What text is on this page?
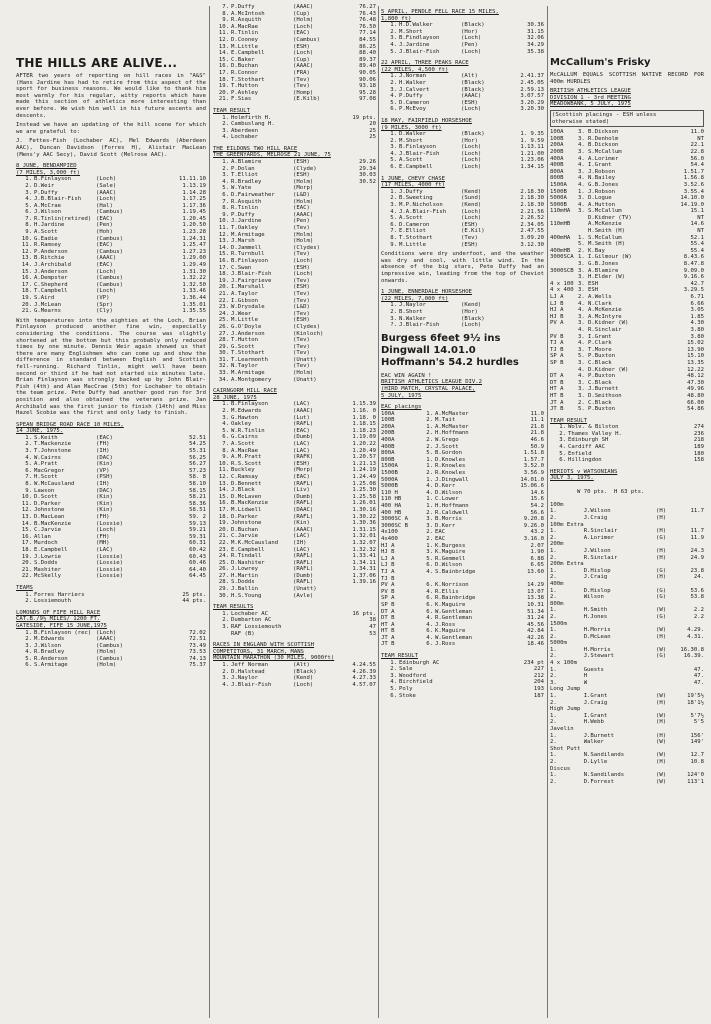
THE HILLS ARE ALIVE...
AFTER two years of reporting on hill races in "A&S" (Hans Jardine has had to retire from this aspect of the sport for business reasons. We would like to thank him most warmly for his regular, witty reports which have made this section of athletics more interesting than ever before. We wish him well in his future ascents and descents.
Instead we have an updating of the hill scene for which we are grateful to:
J. Fettes-Fish (Lochaber AC), Mel Edwards (Aberdeen AAC), Duncan Davidson (Forres H), Alistair MacLean (Mens'y AAC Secy), David Scott (Melrose AAC).
8 JUNE, BENDAMPIED
(7 MILES, 3,000 ft)
1.	B.Finlayson	(Loch)	11.11.10
2.	D.Weir	(Sale)	1.13.19
3.	P.Duffy	(AAAC)	1.14.28
4.	J.B.Blair-Fish	(Loch)	1.17.25
5.	A.McCrae	(Hal)	1.17.36
6.	J.Wilson	(Cambus)	1.19.45
7.	R.Tinlin(retired)	(EAC)	1.20.45
8.	H.Jardine	(Pen)	1.20.50
9.	A.Scott	(Hoh)	1.23.28
10.	G.Eadie	(Cambus)	1.24.31
11.	R.Ramsey	(EAC)	1.25.47
12.	P.Anderson	(Cambus)	1.27.23
13.	B.Ritchie	(AAAC)	1.29.00
14.	J.Archibald	(EAC)	1.29.49
15.	J.Anderson	(Loch)	1.31.30
16.	A.Dempster	(Cambus)	1.32.22
17.	C.Shepherd	(Cambus)	1.32.50
18.	T.Campbell	(Loch)	1.33.46
19.	S.Aird	(VP)	1.36.44
20.	J.McLean	(Spr)	1.35.01
21.	G.Mearns	(Cly)	1.35.55
With temperatures into the eighties at the Loch, Brian Finlayson produced another fine win, especially considering the conditions. The course was slightly shortened at the bottom but this probably only reduced times by one minute. Dennis Weir again showed us that there are many Englishmen who can come up and show the difference in standard between English and Scottish fell-running. Richard Tinlin, might well have been second or third if he had not started six minutes late. Brian Finlayson was strongly backed up by John Blair-Fish (4th) and Alan MacCrae (5th) for Lochaber to obtain the team prize. Pete Duffy had another good run for 3rd position and also obtained the veterans prize. Jan Archibald was the first junior to finish (14th) and Miss Hazel Scobie was the first and only lady to finish.
SPEAN BRIDGE ROAD RACE 10 MILES,
14 JUNE, 1975.
1.	S.Keith	(EAC)	52.51
2.	T.Mackenzie	(FH)	54.25
3.	T.Johnstone	(IH)	55.31
4.	W.Cairns	(DAC)	56.25
5.	A.Pratt	(Kin)	56.27
6.	MacGregor	(VP)	57.23
7.	H.Scott	(PSH)	58. 8
8.	W.McCausland	(IH)	58.10
9.	Lawson	(DAC)	58.15
10.	D.Scott	(Kin)	58.21
11.	D.Parker	(Kin)	58.36
12.	Johnstone	(Kin)	58.51
13.	D.MacLean	(FH)	59. 2
14.	B.MacKenzie	(Lossie)	59.13
15.	C.Jarvie	(Loch)	59.21
16.	Allan	(FH)	59.31
17.	Murdoch	(MH)	60.31
18.	E.Campbell	(LAC)	60.42
19.	J.Lowrie	(Lossie)	60.43
20.	S.Dodds	(Lossie)	60.46
21.	Mashiter	(Lossie)	64.40
22.	McSkelly	(Lossie)	64.45
TEAMS
1.	Forres Harriers	25 pts.
2.	Lossiemouth	44 pts.
LOMONDS OF FIFE HILL RACE
CAT.B./9½ MILES/ 1200 FT.
GATESIDE, FIFE 15 JUNE,1975
1.	B.Finlayson (rec)	(Loch)	72.02
2.	M.Edwards	(AAAC)	72.51
3.	J.Wilson	(Cambus)	73.49
4.	R.Bradley	(Holm)	73.53
5.	R.Anderson	(Cambus)	74.13
6.	S.Armitage	(Holm)	75.37
7.	P.Duffy	(AAAC)	76.27
8.	A.McIntosh	(Cup)	76.43
9.	R.Asquith	(Holm)	76.48
10.	A.MacRae	(Loch)	76.50
11.	R.Tinlin	(EAC)	77.14
12.	D.Cooney	(Cambus)	84.55
13.	M.Little	(ESH)	86.25
14.	E.Campbell	(Loch)	88.40
15.	C.Baker	(Cup)	89.37
16.	D.Buchan	(AAAC)	89.40
17.	R.Connor	(FRA)	90.05
18.	T.Stothart	(Tev)	90.06
19.	T.Hutton	(Tev)	93.18
20.	P.Ashley	(Homp)	95.28
21.	F.Sias	(E.Kilb)	97.08
TEAM RESULT
1.	Holmfirth H.	19 pts.
2.	Cambuslang H.	20
3.	Aberdeen	25
4.	Lochaber	25
THE EILDONS TWO HILL RACE
THE GREENYARDS, MELROSE 21 JUNE, 75
1.	A.Blamire	(ESH)	29.26
2.	P.Dolan	(Clyde)	29.34
3.	T.Elliot	(ESH)	30.03
4.	R.Bradley	(Holm)	30.52
5.	W.Yate	(Morp)	
6.	D.Fairweather	(L&D)	
7.	R.Asquith	(Holm)	
8.	R.Tinlin	(EAC)	
9.	P.Duffy	(AAAC)	
10.	J.Jardine	(Pen)	
11.	T.Oakley	(Tev)	
12.	M.Armitage	(Holm)	
13.	J.Marsh	(Holm)	
14.	D.Jammell	(Clydes)	
15.	R.Turnbull	(Tev)	
16.	B.Finlayson	(Loch)	
17.	C.Swan	(ESH)	
18.	J.Blair-Fish	(Loch)	
19.	J.Fairgrieve	(Tev)	
20.	I.Marshall	(ESH)	
21.	A.Taylor	(Tev)	
22.	I.Gibson	(Tev)	
23.	W.Drysdale	(L&D)	
24.	J.Wear	(Tev)	
25.	M.Little	(ESH)	
26.	G.O'Doyle	(Clydes)	
27.	J.Anderson	(Kinloch)	
28.	T.Hutton	(Tev)	
29.	G.Scott	(Tev)	
30.	T.Stothart	(Tev)	
31.	T.Learmonth	(Unatt)	
32.	N.Taylor	(Tev)	
33.	M.Armitage	(Holm)	
34.	A.Montgomery	(Unatt)	
CAIRNGORM HILL RACE
28 JUNE, 1975
1.	B.Finlayson	(LAC)	1.15.39
2.	M.Edwards	(AAAC)	1.16. 0
3.	G.Hawton	(Lut)	1.18. 0
4.	Oakley	(RAFL)	1.18.15
5.	W.R.Tinlin	(EAC)	1.18.23
6.	G.Cairns	(Dumb)	1.19.09
7.	A.Scott	(LAC)	1.20.22
8.	A.MacRae	(LAC)	1.20.49
9.	A.M.Pratt	(RAFK)	1.20.57
10.	R.S.Scott	(ESH)	1.21.13
11.	Buckley	(Morp)	1.24.19
12.	C.Ramsay	(EAC)	1.24.49
13.	D.Bennett	(RAFL)	1.25.08
14.	J.Black	(Liv)	1.25.30
15.	D.McLaven	(Dumb)	1.25.58
16.	B.MacKenzie	(RAFL)	1.26.01
17.	M.Lidwell	(DAAC)	1.30.16
18.	D.Parker	(RAFL)	1.30.22
19.	Johnstone	(Kin)	1.30.36
20.	D.Buchan	(AAAC)	1.31.15
21.	C.Jarvie	(LAC)	1.32.01
22.	M.K.McCausland	(IH)	1.32.07
23.	E.Campbell	(LAC)	1.32.32
24.	R.Tindall	(RAFL)	1.33.41
25.	D.Nashiter	(RAFL)	1.34.11
26.	J.Lowrey	(RAFL)	1.34.31
27.	H.Martin	(Dumb)	1.37.06
28.	S.Dodds	(RAFL)	1.39.16
29.	J.Ballin	(Unatt)	
30.	H.S.Young	(Avle)	
TEAM RESULTS
1.	Lochaber AC	16 pts.
2.	Dumbarton AC	38
3.	RAF Lossiemouth	47
	RAF (B)	53
RACES IN ENGLAND WITH SCOTTISH
COMPETITORS, 31 MARCH, MANS
MOUNTAIN MARATHON (30 MILES, 9000ft)
1.	Jeff Norman	(Alt)	4.24.55
2.	D.Halstead	(Black)	4.26.39
3.	J.Naylor	(Kend)	4.27.33
4.	J.Blair-Fish	(Loch)	4.57.07
5 APRIL, PENDLE FELL RACE 15 MILES,
1,800 ft)
1.	H.D.Walker	(Black)	30.36
2.	M.Short	(Hor)	31.15
3.	B.Findlayson	(Loch)	32.06
4.	J.Jardine	(Pen)	34.29
5.	J.Blair-Fish	(Loch)	35.38
22 APRIL, THREE PEAKS RACE
(22 MILES, 4,500 ft)
1.	J.Norman	(Alt)	2.41.37
2.	H.Walker	(Black)	2.45.05
3.	J.Calvert	(Black)	2.59.13
4.	P.Duffy	(AAAC)	3.07.57
5.	D.Cameron	(ESH)	3.20.29
6.	P.McEvoy	(Loch)	3.20.30
18 MAY, FAIRFIELD HORSESHOE
(9 MILES, 3000 ft)
1.	D.Walker	(Black)	1. 9.35
2.	M.Short	(Hor)	1. 9.59
3.	B.Finlayson	(Loch)	1.13.11
4.	J.Blair-Fish	(Loch)	1.21.00
5.	A.Scott	(Loch)	1.23.06
6.	E.Campbell	(Loch)	1.34.15
1 JUNE, CHEVY CHASE
(17 MILES, 4000 ft)
1.	J.Duffy	(Kend)	2.18.30
2.	B.Sweeting	(Sund)	2.18.30
3.	M.P.Nicholson	(Kend)	2.18.30
4.	J.A.Blair-Fish	(Loch)	2.21.56
5.	A.Scott	(Loch)	2.26.52
6.	D.Cameron	(ESH)	2.34.05
7.	E.Elliot	(E.Kil)	2.47.55
8.	T.Stothart	(Tev)	3.09.20
9.	M.Little	(ESH)	3.12.30
Conditions were dry underfoot, and the weather was dry and cool, with little wind. In the absence of the big stars, Pete Duffy had an impressive win, leading from the top of Cheviot onwards.
1 JUNE, ENNERDALE HORSESHOE
(22 MILES, 7,000 ft)
1.	J.Naylor	(Kend)	
2.	B.Short	(Hor)	
3.	N.Walker	(Black)	
?.	J.Blair-Fish	(Loch)	
Burgess 6feet 9½ ins
Dingwall 14.01.0
Hoffmann's 54.2 hurdles
EAC WIN AGAIN !
BRITISH ATHLETICS LEAGUE DIV.2
(HIRD MATCH, CRYSTAL PALACE,
5 JULY, 1975
EAC placings
100A	1.	A.McMaster	11.0
100B	2.	M.Tait	11.1
200A	1.	A.McMaster	21.8
200B	2.	H.Hoffmann	21.8
400A	2.	W.Grego	46.6
400B	2.	J.Scott	50.9
800A	5.	B.Gordon	1.51.8
800B	1.	D.Knowles	1.57.7
1500A	1.	R.Knowles	3.52.0
1500B	2.	R.Knowles	3.56.9
5000A	1.	J.Dingwall	14.01.0
5000B	4.	D.Kerr	15.06.6
110 H	4.	D.Wilson	14.6
110 HB	1.	C.Lower	15.6
400 HA	1.	H.Hoffmann	54.2
400 HB	2.	R.Caldwell	56.6
3000SC A	3.	B.Morris	9.20.8
3000SC B	3.	D.Kerr	9.26.0
4x100	2.	EAC	43.2
4x400	2.	EAC	3.16.0
HJ A	1.	K.Burgess	2.07
HJ B	3.	K.Maguire	1.90
LJ A	5.	R.Gemmell	6.88
LJ B	6.	D.Wilson	6.65
TJ A	4.	S.Bainbridge	13.60
TJ B			
PV A	6.	K.Norrison	14.29
PV B	4.	R.Ellis	13.07
SP A	6.	R.Bainbridge	13.38
SP B	6.	K.Maguire	10.31
DT A	6.	W.Gentleman	51.34
DT B	4.	R.Gentleman	31.24
HT A	4.	J.Ross	45.56
HT B	6.	K.Maguire	42.84
JT A	4.	W.Gentleman	42.26
JT B	6.	J.Ross	18.46
TEAM RESULT
1.	Edinburgh AC	234 pt
2.	Sale	227
3.	Woodford	212
4.	Birchfield	204
5.	Poly	193
6.	Stoke	187
McCallum's Frisky
McCALLUM EQUALS SCOTTISH NATIVE RECORD FOR 400m HURDLES
BRITISH ATHLETICS LEAGUE
DIVISION 1 - 3rd MEETING
MEADOWBANK, 5 JULY, 1975
(Scottish placings - ESH unless
otherwise stated)
100A	3.	B.Dickson		11.0
100B	3.	R.Denholm		NT
200A	4.	B.Dickson		22.1
200B	3.	S.McCallum		22.8
400A	4.	A.Lorimer		56.0
400B	4.	I.Grant		54.4
800A	3.	J.Robson		1.51.7
800B	4.	N.Bailey		1.56.8
1500A	4.	G.B.Jones		3.52.6
1500B	1.	J.Robson		3.55.4
5000A	3.	D.Logue		14.10.0
5000B	4.	A.Hutton		14.19.0
110mHA	3.	S.McCallum		15.1
		D.Kidner (TV)		NT
110mHB		A.McKenzie		14.6
		H.Smith (H)		NT
400mHA	1.	S.McCallum		52.1
	5.	M.Smith (H)		55.4
400mHB	2.	K.Bay		55.4
3000SCA	1.	I.Gilmour (W)		8.43.6
	3.	G.B.Jones		8.47.8
3000SCB	3.	A.Blamire		9.09.0
	3.	H.Elder (W)		9.16.6
4 x 100	3.	ESH		42.7
4 x 400	3.	ESH		3.29.5
LJ A	2.	A.Wells		6.71
LJ B	4.	N.Clark		6.66
HJ A	4.	A.McKenzie		3.05
HJ B	3.	A.McIntyre		1.85
PV A	3.	D.Kidner (W)		4.30
	4.	R.Sinclair		3.80
PV B	3.	I.Grant		3.80
TJ A	4.	P.Clark		15.02
TJ B	3.	T.Moore		13.90
SP A	5.	P.Buxton		15.10
SP B	3.	C.Black		13.35
	4.	D.Kidner (W)		12.22
DT A	4.	P.Buxton		48.12
DT B	3.	C.Black		47.30
HT A	3.	J.Burnett		49.96
HT B	3.	D.Smithson		48.80
JT A	2.	C.Black		66.00
JT B	5.	P.Buxton		54.86
TEAM RESULT
1.	Wolv. & Bilston	274
2.	Thames Valley H.	236
3.	Edinburgh SH	218
4.	Cardiff AAC	189
5.	Enfield	180
6.	Hillingdon	158
HERIOTS v WATSONIANS
JULY 3, 1975.

W 70 pts. H 63 pts.

100m			
1.	J.Wilson	(H)	11.7
2.	J.Craig	(H)	
100m Extra			
1.	R.Sinclair	(H)	11.7
2.	A.Lorimer	(G)	11.9
200m			
1.	J.Wilson	(H)	24.3
2.	R.Sinclair	(H)	24.9
200m Extra			
1.	D.Hislop	(G)	23.8
2.	J.Craig	(H)	24.
400m			
1.	D.Hislop	(G)	53.6
2.	Wilson	(G)	53.8
800m			
1.	H.Smith	(W)	2.2
2.	H.Jones	(G)	2.2
1500m			
1.	H.Morris	(W)	4.29.
2.	D.McLean	(H)	4.31.
5000m			
1.	H.Morris	(W)	16.30.8
2.	J.Stewart	(G)	16.39.
4 x 100m			
1.	Guests		47.
2.	H		47.
3.	W		47.
Long Jump			
1.	I.Grant	(W)	19'5½
2.	J.Craig	(H)	18'1½
High Jump			
1.	I.Grant	(W)	5'7½
2.	H.Webb	(H)	5'5
Javelin			
1.	J.Burnett	(H)	156'
2.	Walker	(W)	149'
Shot Putt			
1.	N.Sandilands	(W)	12.7
2.	D.Lylle	(H)	10.8
Discus			
1.	N.Sandilands	(W)	124'0
2.	D.Forrest	(W)	113'1
